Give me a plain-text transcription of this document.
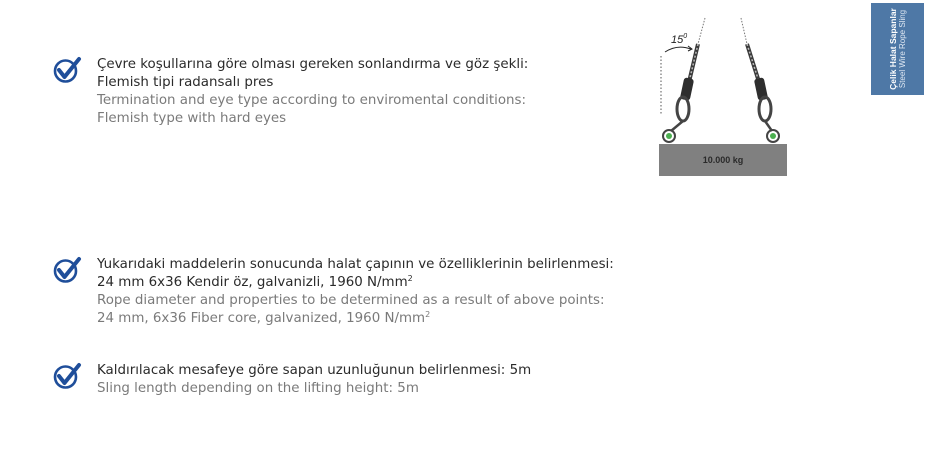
Çelik Halat Sapanlar Steel Wire Rope Sling
$15^0$
10.000 kg
Çevre koşullarına göre olması gereken sonlandırma ve göz şekli:
Flemish tipi radansalı pres
Termination and eye type according to enviromental conditions:
Flemish type with hard eyes
Yukarıdaki maddelerin sonucunda halat çapının ve özelliklerinin belirlenmesi:
24 mm 6x36 Kendir öz, galvanizli, 1960 $N/mm^2$
Rope diameter and properties to be determined as a result of above points:
24 mm, 6x36 Fiber core, galvanized, 1960 $N/mm^2$
Kaldırılacak mesafeye göre sapan uzunluğunun belirlenmesi: 5m
Sling length depending on the lifting height: 5m
